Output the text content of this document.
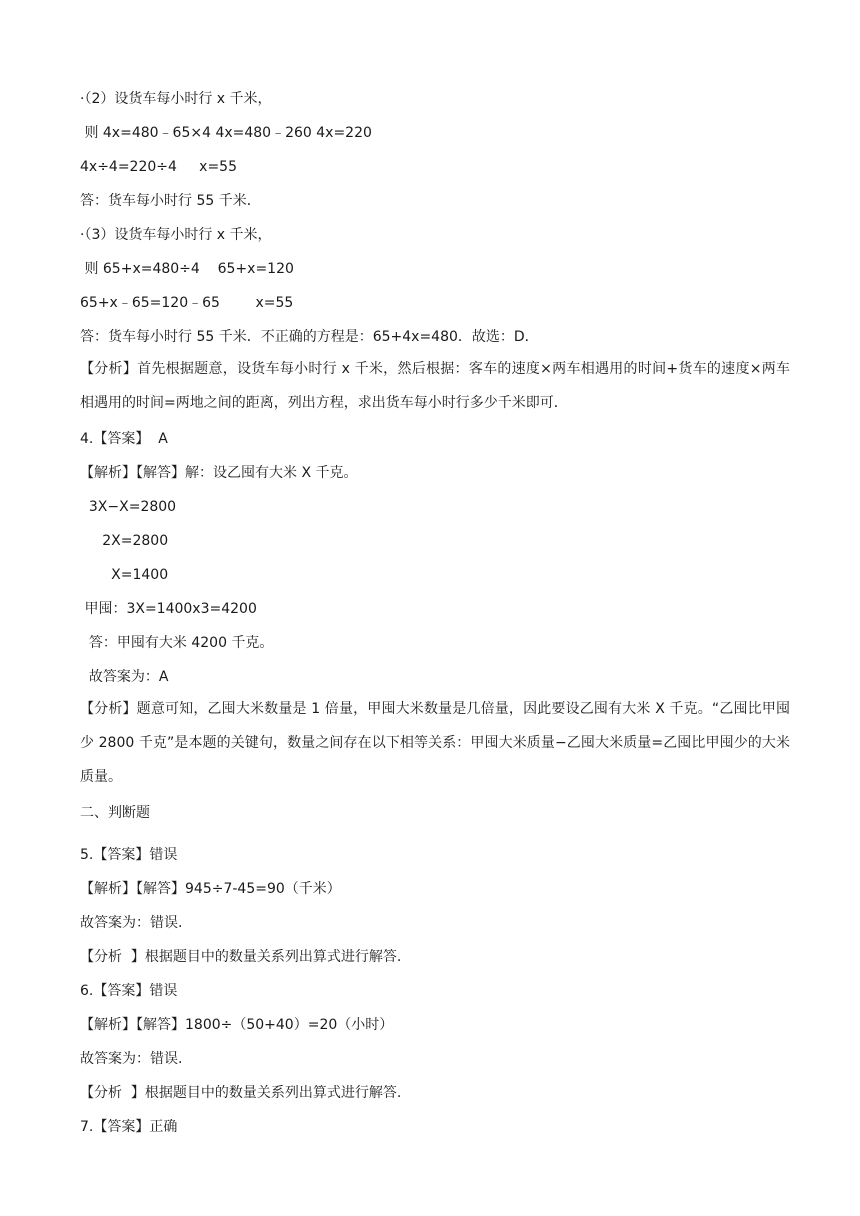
·（2）设货车每小时行 x 千米，

则 4x=480﹣65×4 4x=480﹣260 4x=220

4x÷4=220÷4     x=55

答：货车每小时行 55 千米．

·（3）设货车每小时行 x 千米，

则 65+x=480÷4    65+x=120

65+x﹣65=120﹣65        x=55

答：货车每小时行 55 千米．不正确的方程是：65+4x=480．故选：D．

【分析】首先根据题意，设货车每小时行 x 千米，然后根据：客车的速度×两车相遇用的时间+货车的速度×两车相遇用的时间=两地之间的距离，列出方程，求出货车每小时行多少千米即可．

4.【答案】  A

【解析】【解答】解：设乙囤有大米 X 千克。

3X−X=2800

2X=2800

X=1400

甲囤：3X=1400x3=4200

答：甲囤有大米 4200 千克。

故答案为：A

【分析】题意可知，乙囤大米数量是 1 倍量，甲囤大米数量是几倍量，因此要设乙囤有大米 X 千克。“乙囤比甲囤少 2800 千克”是本题的关键句，数量之间存在以下相等关系：甲囤大米质量−乙囤大米质量=乙囤比甲囤少的大米质量。

二、判断题

5.【答案】错误

【解析】【解答】945÷7-45=90（千米）

故答案为：错误.

【分析  】根据题目中的数量关系列出算式进行解答.

6.【答案】错误

【解析】【解答】1800÷（50+40）=20（小时）

故答案为：错误.

【分析  】根据题目中的数量关系列出算式进行解答.

7.【答案】正确
